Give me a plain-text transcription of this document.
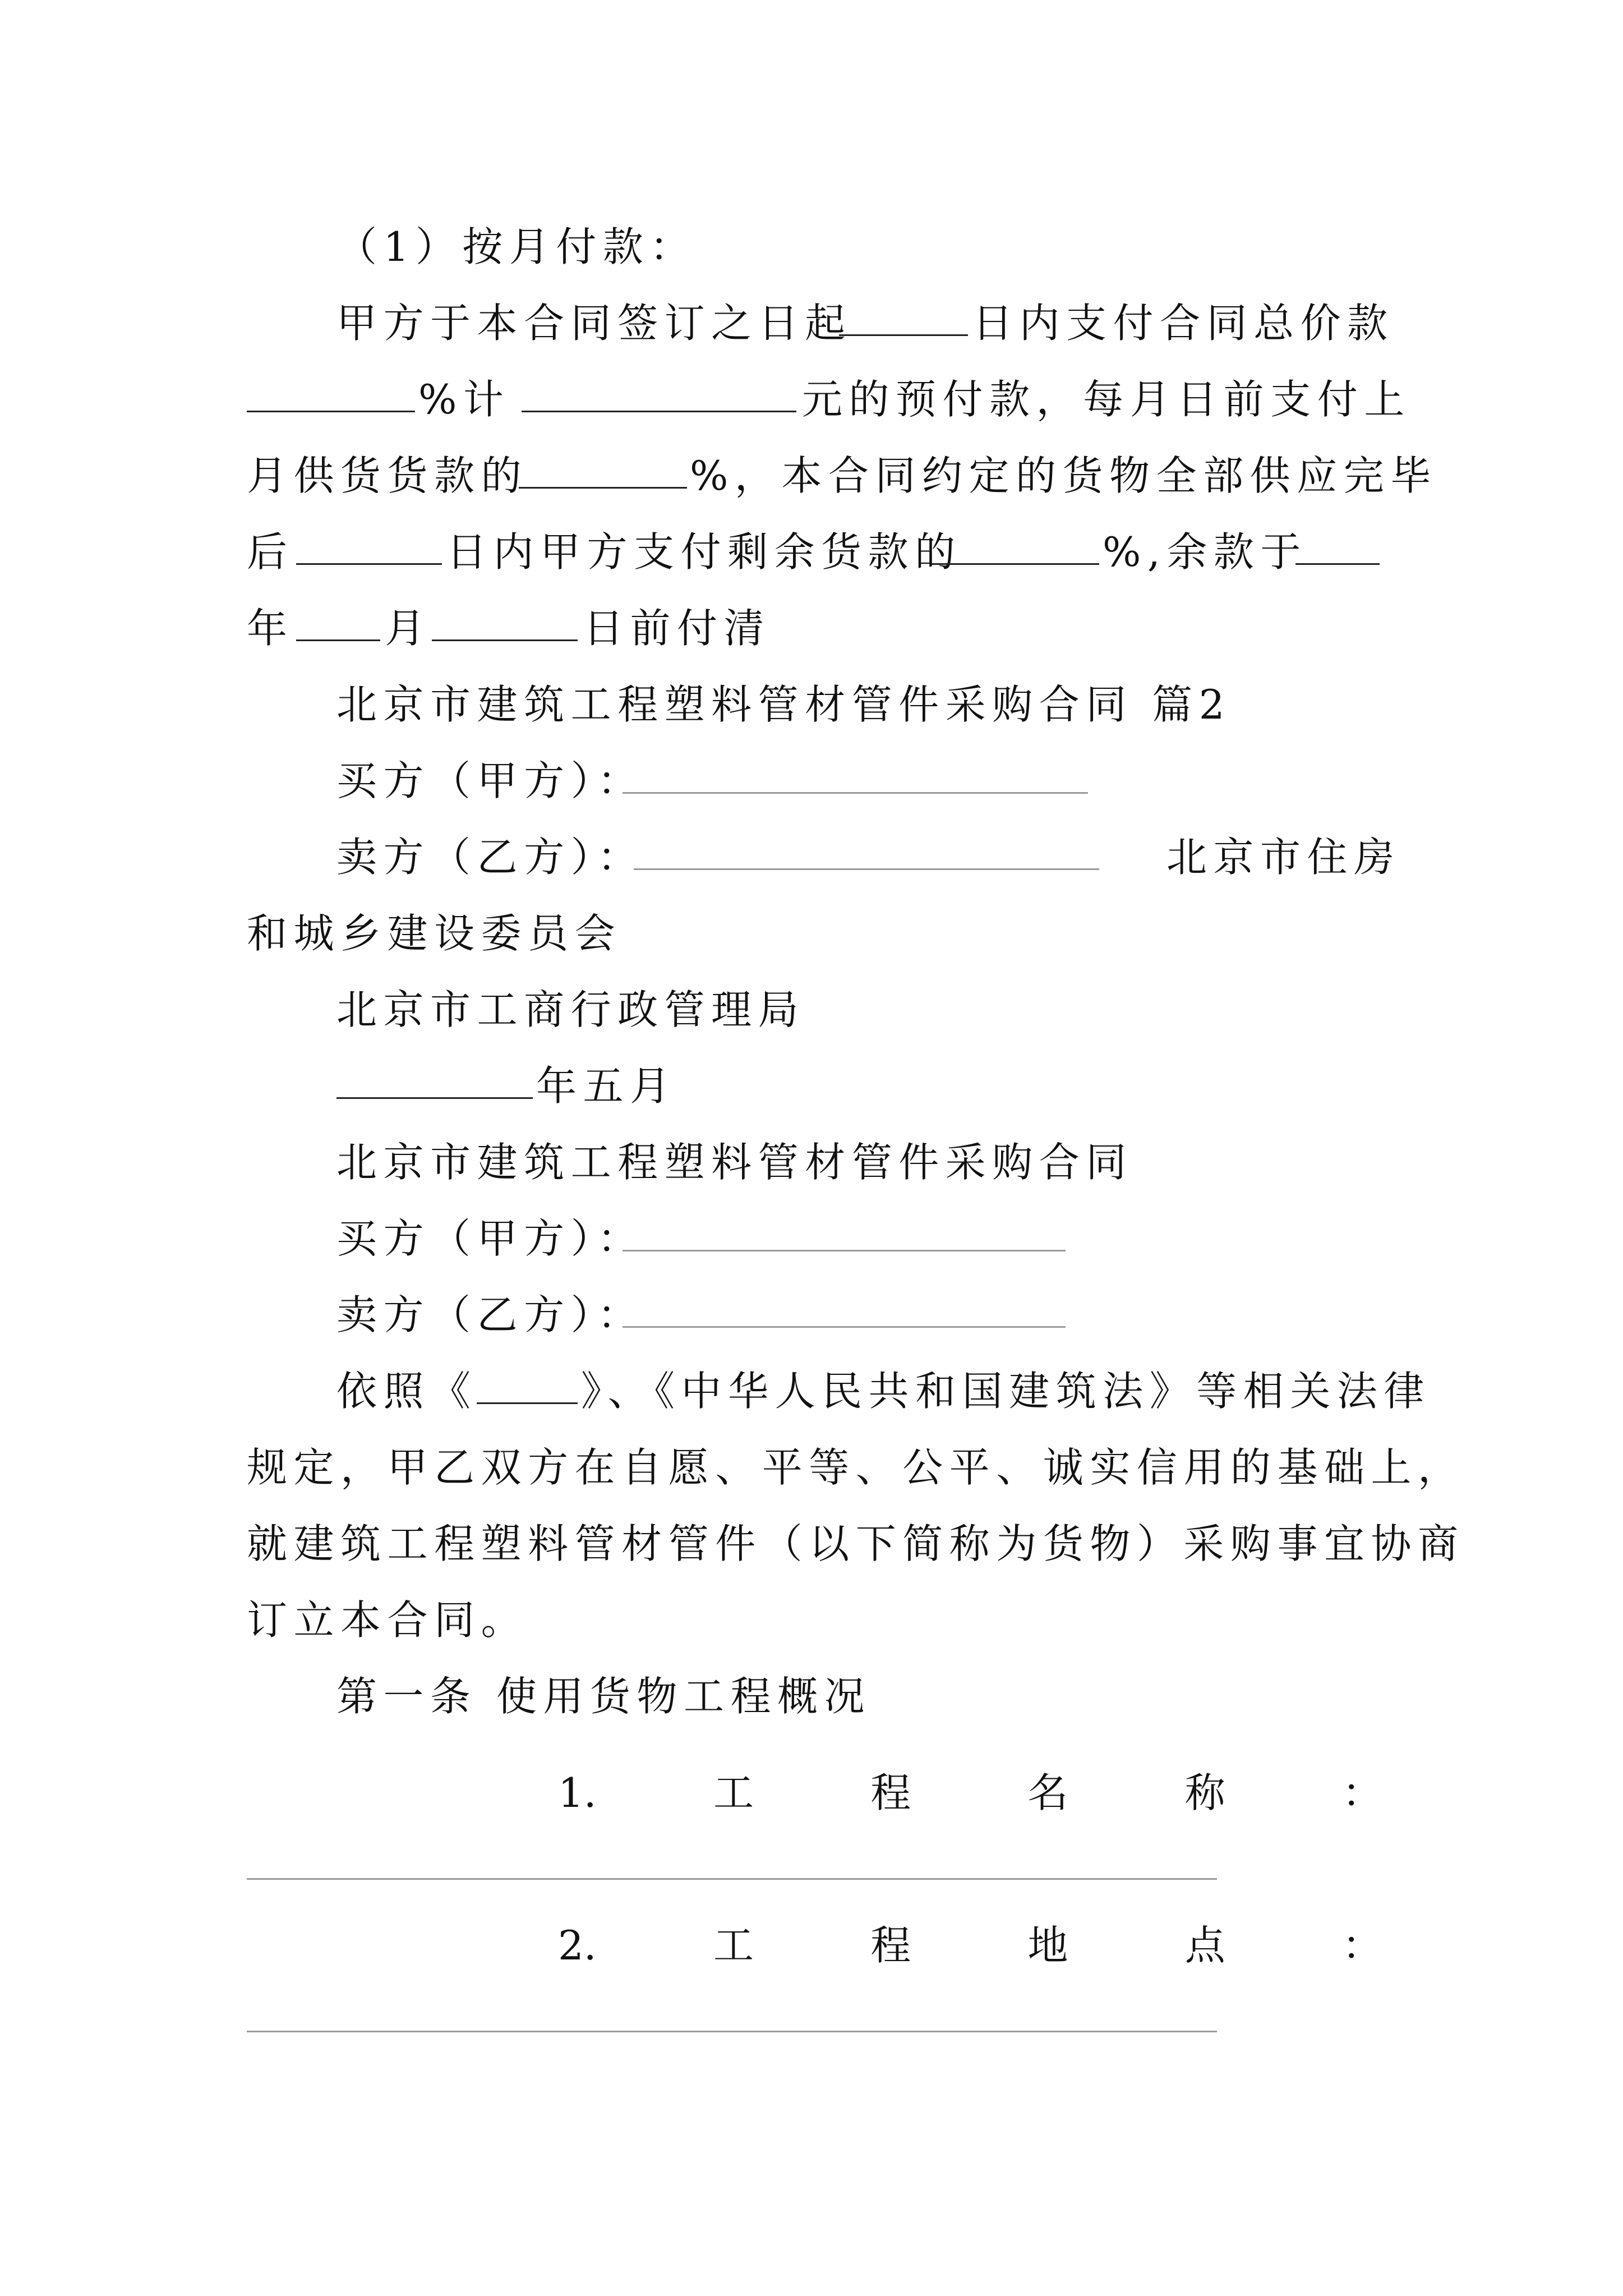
（1）按月付款：
甲方于本合同签订之日起	日内支付合同总价款
%计	元的预付款，每月日前支付上
月供货货款的	%，本合同约定的货物全部供应完毕
后	日内甲方支付剩余货款的	%,余款于
年 月	日前付清
北京市建筑工程塑料管材管件采购合同 篇2
买方（甲方）：
卖方（乙方）：	北京市住房
和城乡建设委员会
北京市工商行政管理局
年五月
北京市建筑工程塑料管材管件采购合同
买方（甲方）：
卖方（乙方）：
依照《	》、《中华人民共和国建筑法》等相关法律
规定，甲乙双方在自愿、平等、公平、诚实信用的基础上，
就建筑工程塑料管材管件（以下简称为货物）采购事宜协商
订立本合同。
第一条 使用货物工程概况
1.	工	程	名	称	：
2.	工	程	地	点	：
